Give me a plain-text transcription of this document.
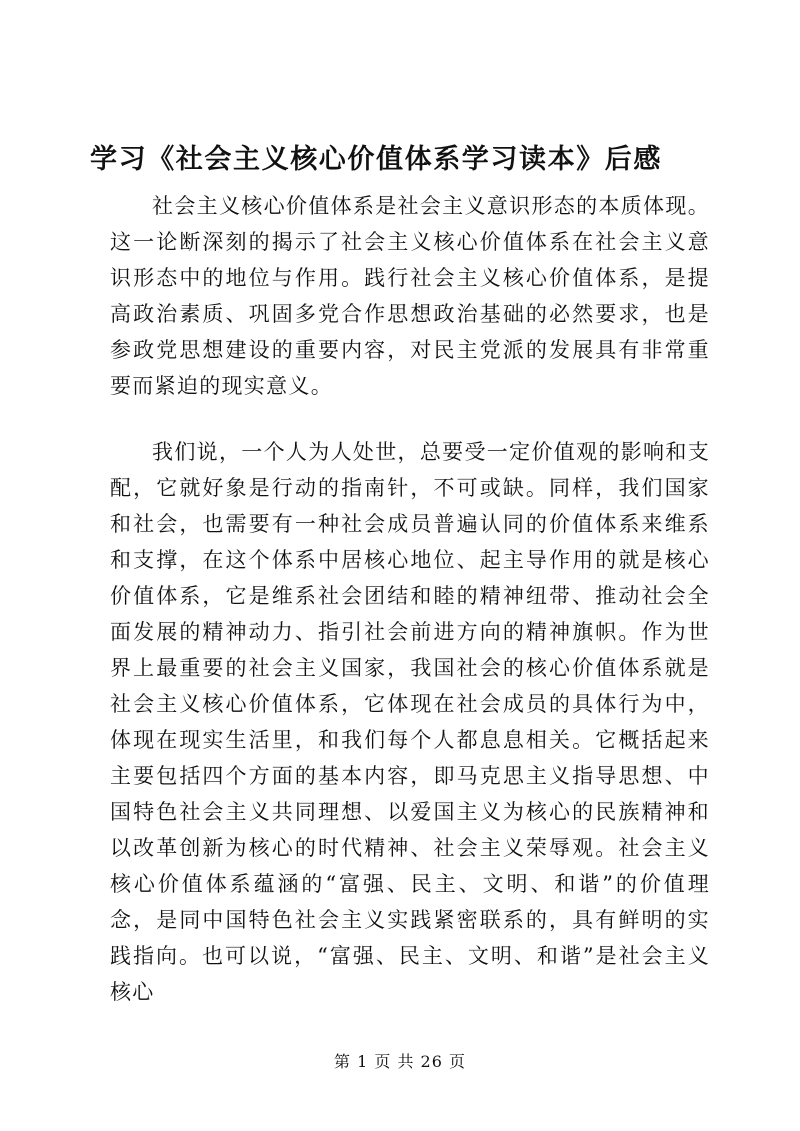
学习《社会主义核心价值体系学习读本》后感

社会主义核心价值体系是社会主义意识形态的本质体现。这一论断深刻的揭示了社会主义核心价值体系在社会主义意识形态中的地位与作用。践行社会主义核心价值体系，是提高政治素质、巩固多党合作思想政治基础的必然要求，也是参政党思想建设的重要内容，对民主党派的发展具有非常重要而紧迫的现实意义。

我们说，一个人为人处世，总要受一定价值观的影响和支配，它就好象是行动的指南针，不可或缺。同样，我们国家和社会，也需要有一种社会成员普遍认同的价值体系来维系和支撑，在这个体系中居核心地位、起主导作用的就是核心价值体系，它是维系社会团结和睦的精神纽带、推动社会全面发展的精神动力、指引社会前进方向的精神旗帜。作为世界上最重要的社会主义国家，我国社会的核心价值体系就是社会主义核心价值体系，它体现在社会成员的具体行为中，体现在现实生活里，和我们每个人都息息相关。它概括起来主要包括四个方面的基本内容，即马克思主义指导思想、中国特色社会主义共同理想、以爱国主义为核心的民族精神和以改革创新为核心的时代精神、社会主义荣辱观。社会主义核心价值体系蕴涵的“富强、民主、文明、和谐”的价值理念，是同中国特色社会主义实践紧密联系的，具有鲜明的实践指向。也可以说，“富强、民主、文明、和谐”是社会主义核心

第 1 页 共 26 页
